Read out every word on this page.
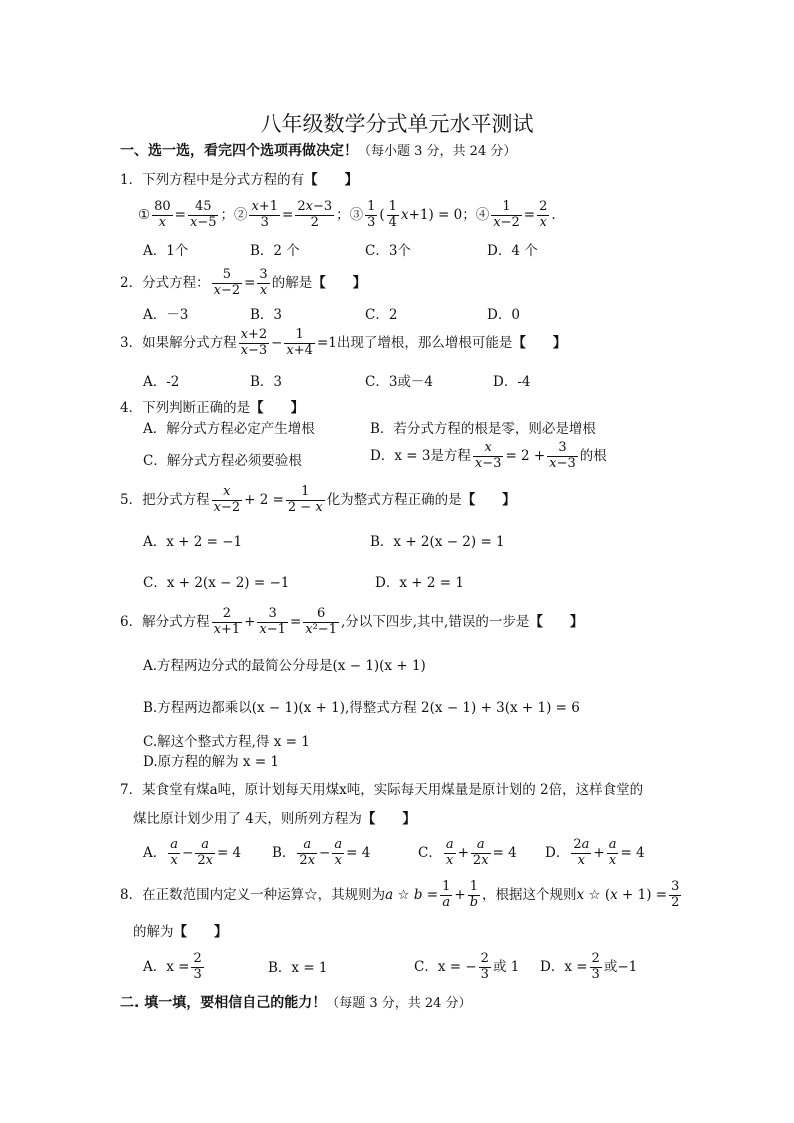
八年级数学分式单元水平测试
一、选一选，看完四个选项再做决定！（每小题 3 分，共 24 分）
1．下列方程中是分式方程的有【　　】
① $\frac{80}{x} = \frac{45}{x-5}$ ；② $\frac{x+1}{3} = \frac{2x-3}{2}$ ；③ $\frac{1}{3}$ ( $\frac{1}{4} x+1) = 0$；④ $\frac{1}{x-2} = \frac{2}{x}$ .
A．1个	B．2 个	C．3个	D．4 个
2．分式方程： $\frac{5}{x-2} = \frac{3}{x}$ 的解是【　　】
A．－3	B．3	C．2	D．0
3．如果解分式方程 $\frac{x+2}{x-3} - \frac{1}{x+4} =1$出现了增根，那么增根可能是【　　】
A．-2	B．3	C．3或－4	D．-4
4．下列判断正确的是【　　】
A．解分式方程必定产生增根	B．若分式方程的根是零，则必是增根
C．解分式方程必须要验根	D．x = 3是方程 $\frac{x}{x-3} = 2 + \frac{3}{x-3}$ 的根
5．把分式方程 $\frac{x}{x-2} + 2 = \frac{1}{2 - x}$ 化为整式方程正确的是【　　】
A．x + 2 = −1	B．x + 2(x − 2) = 1
C．x + 2(x − 2) = −1	D．x + 2 = 1
6．解分式方程 $\frac{2}{x+1} + \frac{3}{x-1} = \frac{6}{\text{x²−1}}$ ,分以下四步,其中,错误的一步是【　　】
A.方程两边分式的最简公分母是(x − 1)(x + 1)
B.方程两边都乘以(x − 1)(x + 1),得整式方程 2(x − 1) + 3(x + 1) = 6
C.解这个整式方程,得 x = 1
D.原方程的解为 x = 1
7．某食堂有煤a吨，原计划每天用煤x吨，实际每天用煤量是原计划的 2倍，这样食堂的
煤比原计划少用了 4天，则所列方程为【　　】
A． $\frac{a}{x} - \frac{a}{2x} = 4$ B． $\frac{a}{2x} - \frac{a}{x} = 4$	C． $\frac{a}{x} + \frac{a}{2x} = 4$ D． $\frac{2a}{x} + \frac{a}{x} = 4$
8．在正数范围内定义一种运算☆，其规则为a ☆ $b = \frac{1}{a} + \frac{1}{b}$ ，根据这个规则x ☆ $(x + 1) = \frac{3}{2}$
的解为【　　】
A．$x = \frac{2}{3}$	B．x = 1	C．x = − $\frac{2}{3}$ 或 1 D．$x = \frac{2}{3}$ 或−1
二. 填一填，要相信自己的能力！（每题 3 分，共 24 分）
